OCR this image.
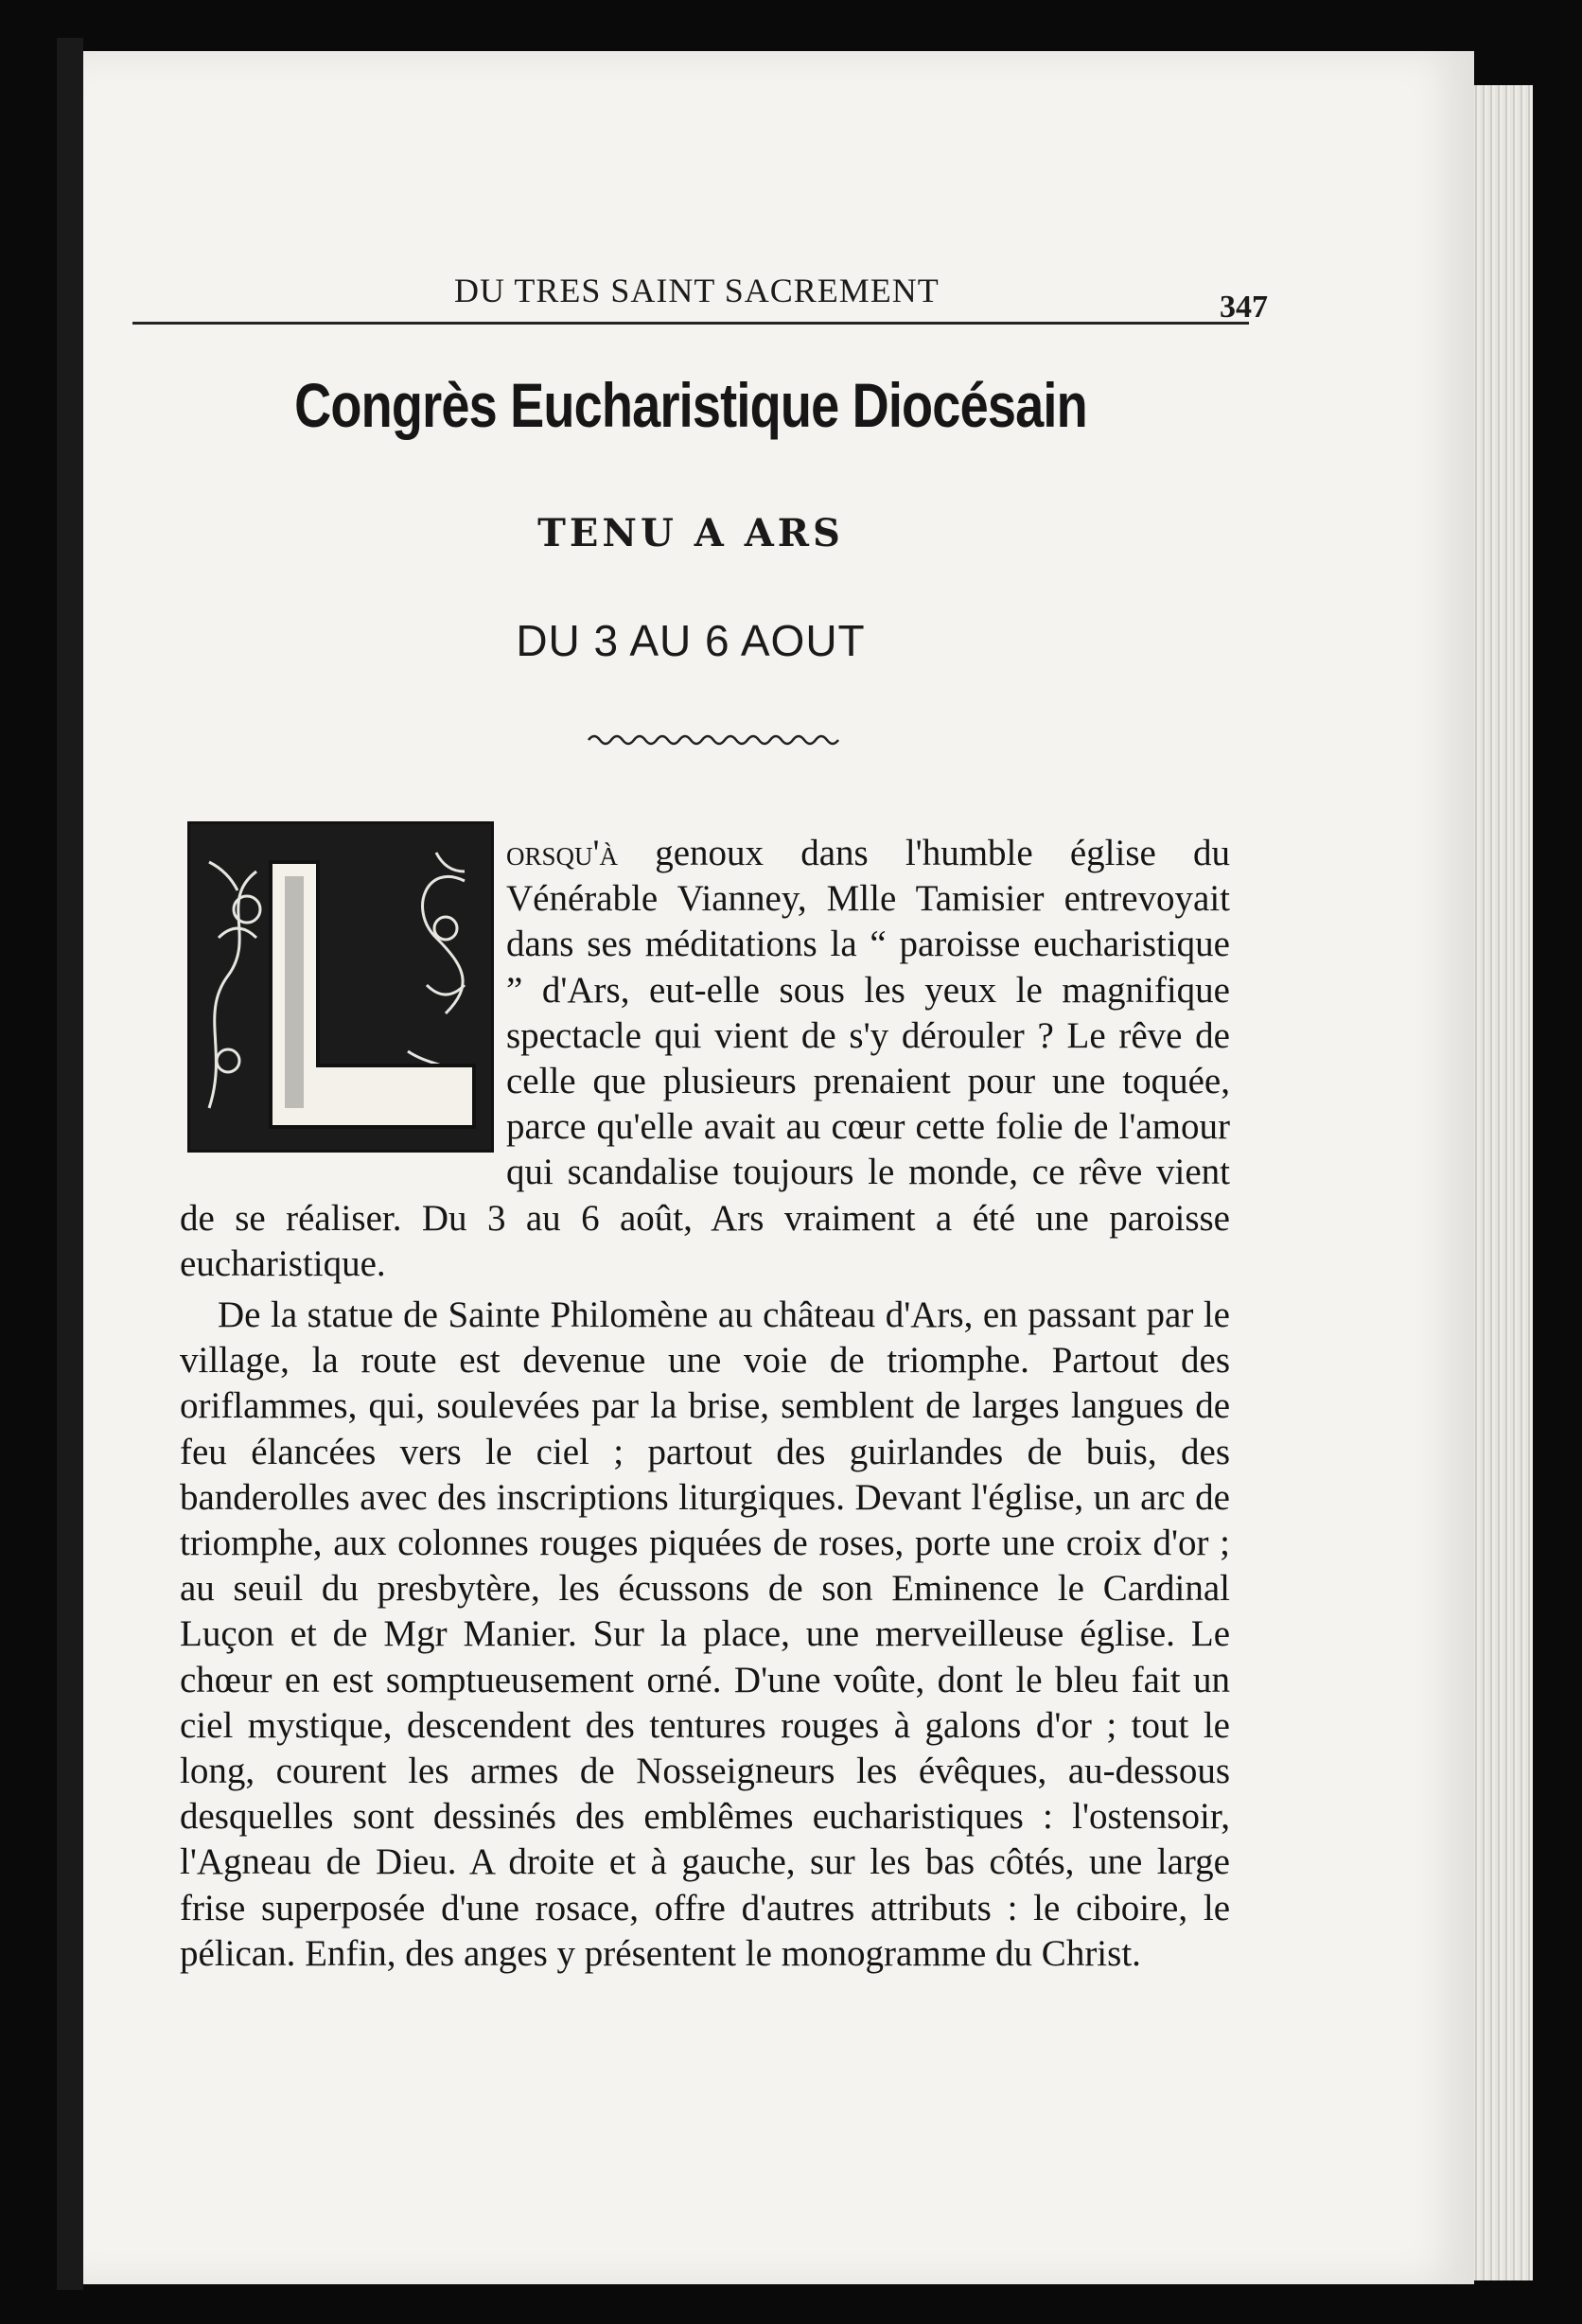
DU TRES SAINT SACREMENT	347
Congrès Eucharistique Diocésain
TENU A ARS
DU 3 AU 6 AOUT
orsqu'à genoux dans l'humble église du Vénérable Vianney, Mlle Tamisier entrevoyait dans ses méditations la “ paroisse eucharistique ” d'Ars, eut-elle sous les yeux le magnifique spectacle qui vient de s'y dérouler ? Le rêve de celle que plusieurs prenaient pour une toquée, parce qu'elle avait au cœur cette folie de l'amour qui scandalise toujours le monde, ce rêve vient de se réaliser. Du 3 au 6 août, Ars vraiment a été une paroisse eucharistique.
De la statue de Sainte Philomène au château d'Ars, en passant par le village, la route est devenue une voie de triomphe. Partout des oriflammes, qui, soulevées par la brise, semblent de larges langues de feu élancées vers le ciel ; partout des guirlandes de buis, des banderolles avec des inscriptions liturgiques. Devant l'église, un arc de triomphe, aux colonnes rouges piquées de roses, porte une croix d'or ; au seuil du presbytère, les écussons de son Eminence le Cardinal Luçon et de Mgr Manier. Sur la place, une merveilleuse église. Le chœur en est somptueusement orné. D'une voûte, dont le bleu fait un ciel mystique, descendent des tentures rouges à galons d'or ; tout le long, courent les armes de Nosseigneurs les évêques, au-dessous desquelles sont dessinés des emblêmes eucharistiques : l'ostensoir, l'Agneau de Dieu. A droite et à gauche, sur les bas côtés, une large frise superposée d'une rosace, offre d'autres attributs : le ciboire, le pélican. Enfin, des anges y présentent le monogramme du Christ.
